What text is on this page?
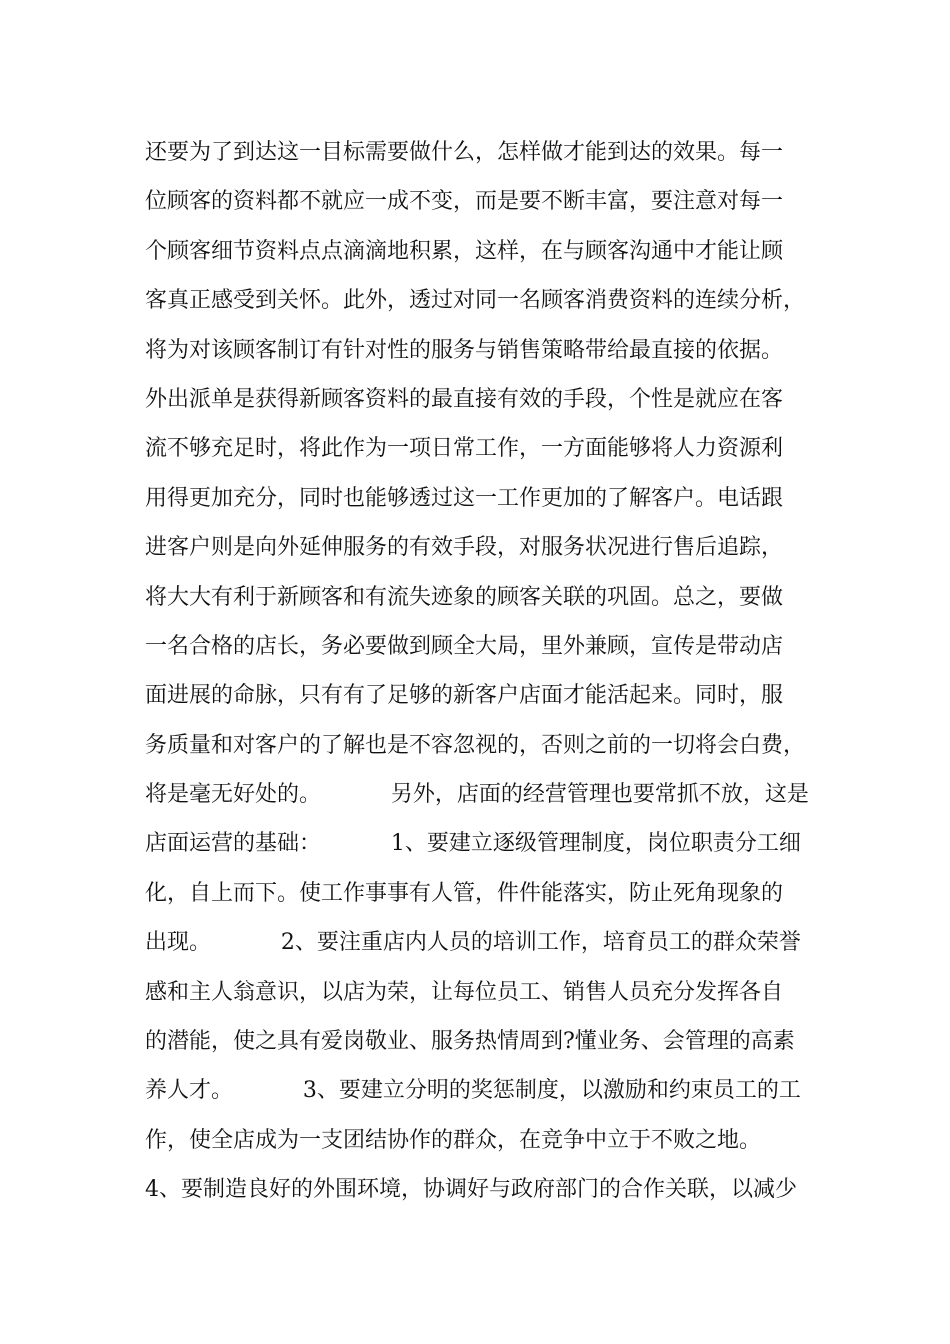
还要为了到达这一目标需要做什么，怎样做才能到达的效果。每一
位顾客的资料都不就应一成不变，而是要不断丰富，要注意对每一
个顾客细节资料点点滴滴地积累，这样，在与顾客沟通中才能让顾
客真正感受到关怀。此外，透过对同一名顾客消费资料的连续分析，
将为对该顾客制订有针对性的服务与销售策略带给最直接的依据。
外出派单是获得新顾客资料的最直接有效的手段，个性是就应在客
流不够充足时，将此作为一项日常工作，一方面能够将人力资源利
用得更加充分，同时也能够透过这一工作更加的了解客户。电话跟
进客户则是向外延伸服务的有效手段，对服务状况进行售后追踪，
将大大有利于新顾客和有流失迹象的顾客关联的巩固。总之，要做
一名合格的店长，务必要做到顾全大局，里外兼顾，宣传是带动店
面进展的命脉，只有有了足够的新客户店面才能活起来。同时，服
务质量和对客户的了解也是不容忽视的，否则之前的一切将会白费，
将是毫无好处的。          另外，店面的经营管理也要常抓不放，这是
店面运营的基础：          1、要建立逐级管理制度，岗位职责分工细
化，自上而下。使工作事事有人管，件件能落实，防止死角现象的
出现。          2、要注重店内人员的培训工作，培育员工的群众荣誉
感和主人翁意识，以店为荣，让每位员工、销售人员充分发挥各自
的潜能，使之具有爱岗敬业、服务热情周到?懂业务、会管理的高素
养人才。          3、要建立分明的奖惩制度，以激励和约束员工的工
作，使全店成为一支团结协作的群众，在竞争中立于不败之地。
4、要制造良好的外围环境，协调好与政府部门的合作关联，以减少
